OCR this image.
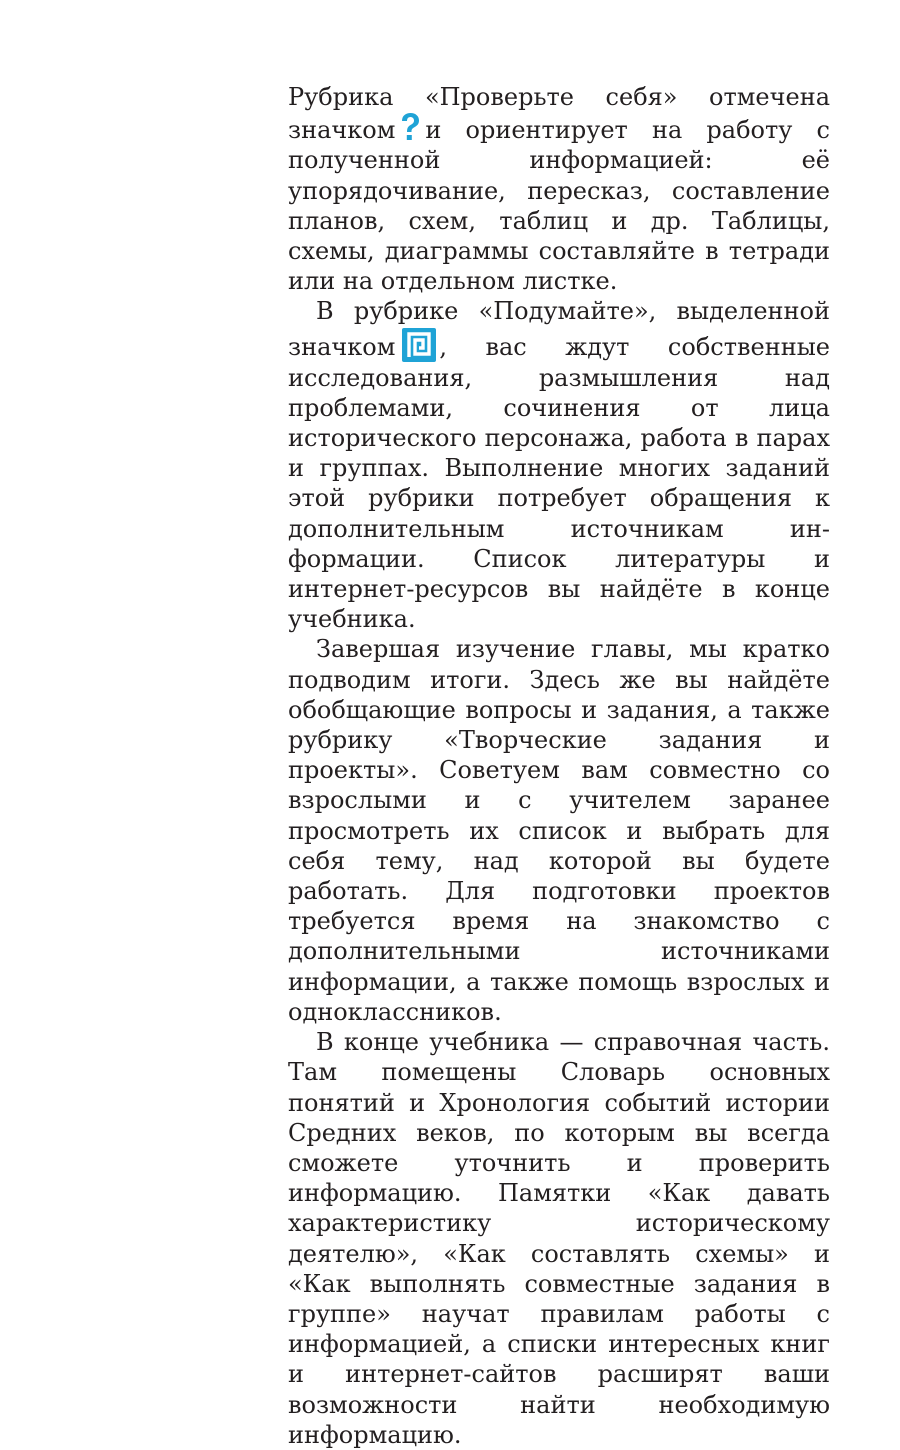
Рубрика «Проверьте себя» отмечена значком и ориентирует на работу с полученной информацией: её упорядочивание, пересказ, составление планов, схем, таблиц и др. Таблицы, схемы, диаграммы составляйте в тетради или на отдельном листке.

В рубрике «Подумайте», выделенной значком , вас ждут собственные исследования, размышления над проблемами, сочинения от лица исторического персонажа, работа в парах и группах. Выполнение многих заданий этой рубрики потребует обращения к дополнительным источникам информации. Список литературы и интернет-ресурсов вы найдёте в конце учебника.

Завершая изучение главы, мы кратко подводим итоги. Здесь же вы найдёте обобщающие вопросы и задания, а также рубрику «Творческие задания и проекты». Советуем вам совместно со взрослыми и с учителем заранее просмотреть их список и выбрать для себя тему, над которой вы будете работать. Для подготовки проектов требуется время на знакомство с дополнительными источниками информации, а также помощь взрослых и одноклассников.

В конце учебника — справочная часть. Там помещены Словарь основных понятий и Хронология событий истории Средних веков, по которым вы всегда сможете уточнить и проверить информацию. Памятки «Как давать характеристику историческому деятелю», «Как составлять схемы» и «Как выполнять совместные задания в группе» научат правилам работы с информацией, а списки интересных книг и интернет-сайтов расширят ваши возможности найти необходимую информацию.
